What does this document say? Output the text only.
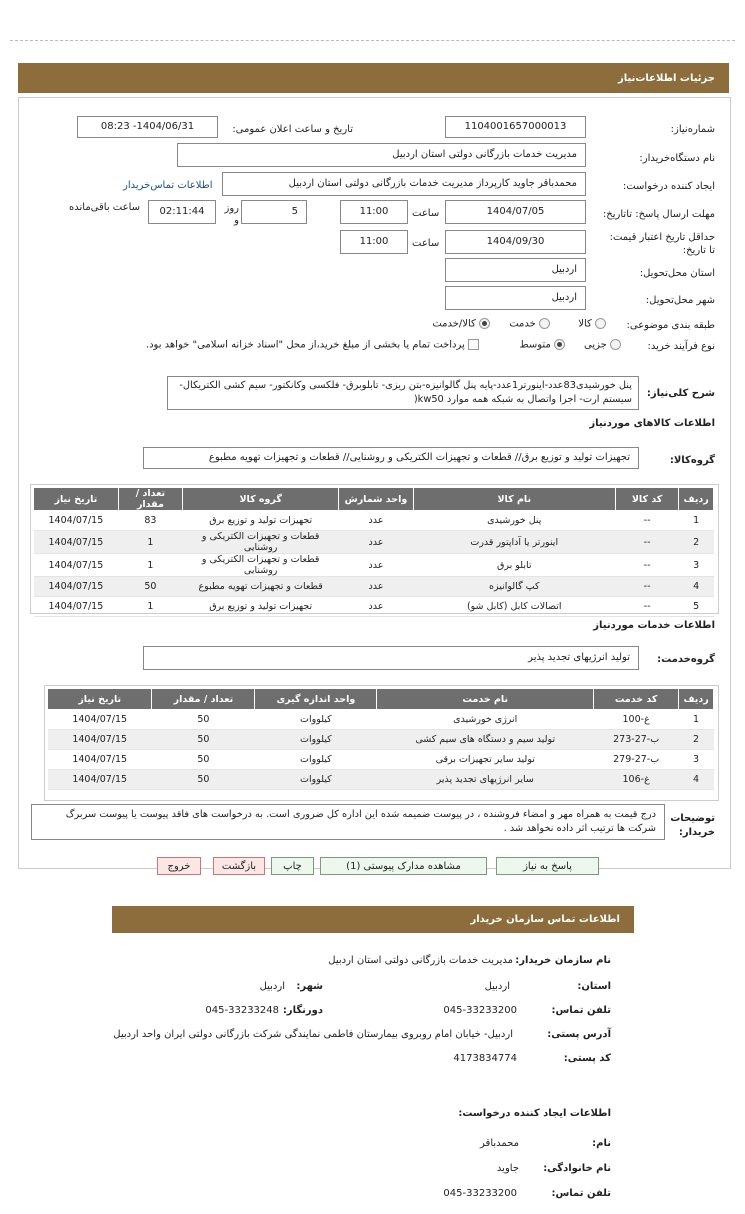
جزئیات اطلاعات‌نیاز
شماره‌نیاز:
1104001657000013
تاریخ و ساعت اعلان عمومی:
1404/06/31- 08:23
نام دستگاه‌خریدار:
مدیریت خدمات بازرگانی دولتی استان اردبیل
ایجاد کننده درخواست:
محمدباقر جاوید کارپرداز مدیریت خدمات بازرگانی دولتی استان اردبیل
اطلاعات تماس‌خریدار
مهلت ارسال پاسخ: تاتاریخ:
1404/07/05
ساعت
11:00
5
روز و
02:11:44
ساعت باقی‌مانده
حداقل تاریخ اعتبار قیمت: تا تاریخ:
1404/09/30
ساعت
11:00
استان محل‌تحویل:
اردبیل
شهر محل‌تحویل:
اردبیل
طبقه بندی موضوعی:
کالا
خدمت
کالا/خدمت
نوع فرآیند خرید:
جزیی
متوسط
پرداخت تمام یا بخشی از مبلغ خرید،از محل "اسناد خزانه اسلامی" خواهد بود.
شرح کلی‌نیاز:
پنل خورشیدی83عدد-اینورتر1عدد-پایه پنل گالوانیزه-بتن ریزی- تابلوبرق- فلکسی وکانکتور- سیم کشی الکتریکال- سیستم ارت- اجرا واتصال به شبکه همه موارد kw50(
اطلاعات کالاهای موردنیاز
گروه‌کالا:
تجهیزات تولید و توزیع برق// قطعات و تجهیزات الکتریکی و روشنایی// قطعات و تجهیزات تهویه مطبوع
ردیف	کد کالا	نام کالا	واحد شمارش	گروه کالا	تعداد / مقدار	تاریخ نیاز
1	--	پنل خورشیدی	عدد	تجهیزات تولید و توزیع برق	83	1404/07/15
2	--	اینورتر یا آداپتور قدرت	عدد	قطعات و تجهیزات الکتریکی و روشنایی	1	1404/07/15
3	--	تابلو برق	عدد	قطعات و تجهیزات الکتریکی و روشنایی	1	1404/07/15
4	--	کپ گالوانیزه	عدد	قطعات و تجهیزات تهویه مطبوع	50	1404/07/15
5	--	اتصالات کابل (کابل شو)	عدد	تجهیزات تولید و توزیع برق	1	1404/07/15
اطلاعات خدمات موردنیاز
گروه‌خدمت:
تولید انرژیهای تجدید پذیر
ردیف	کد خدمت	نام خدمت	واحد اندازه گیری	تعداد / مقدار	تاریخ نیاز
1	غ-100	انرژی خورشیدی	کیلووات	50	1404/07/15
2	ب-27-273	تولید سیم و دستگاه های سیم کشی	کیلووات	50	1404/07/15
3	ب-27-279	تولید سایر تجهیزات برقی	کیلووات	50	1404/07/15
4	غ-106	سایر انرژیهای تجدید پذیر	کیلووات	50	1404/07/15
توضیحات خریدار:
درج قیمت به همراه مهر و امضاء فروشنده ، در پیوست ضمیمه شده این اداره کل ضروری است. به درخواست های فاقد پیوست یا پیوست سربرگ شرکت ها ترتیب اثر داده نخواهد شد .
پاسخ به نیاز
مشاهده مدارک پیوستی (1)
چاپ
بازگشت
خروج
اطلاعات تماس سازمان خریدار
نام سازمان خریدار:
مدیریت خدمات بازرگانی دولتی استان اردبیل
استان:
اردبیل
شهر:
اردبیل
تلفن تماس:
045-33233200
دورنگار:
045-33233248
آدرس پستی:
اردبیل- خیابان امام روبروی بیمارستان فاطمی نمایندگی شرکت بازرگانی دولتی ایران واحد اردبیل
کد پستی:
4173834774
اطلاعات ایجاد کننده درخواست:
نام:
محمدباقر
نام خانوادگی:
جاوید
تلفن تماس:
045-33233200
